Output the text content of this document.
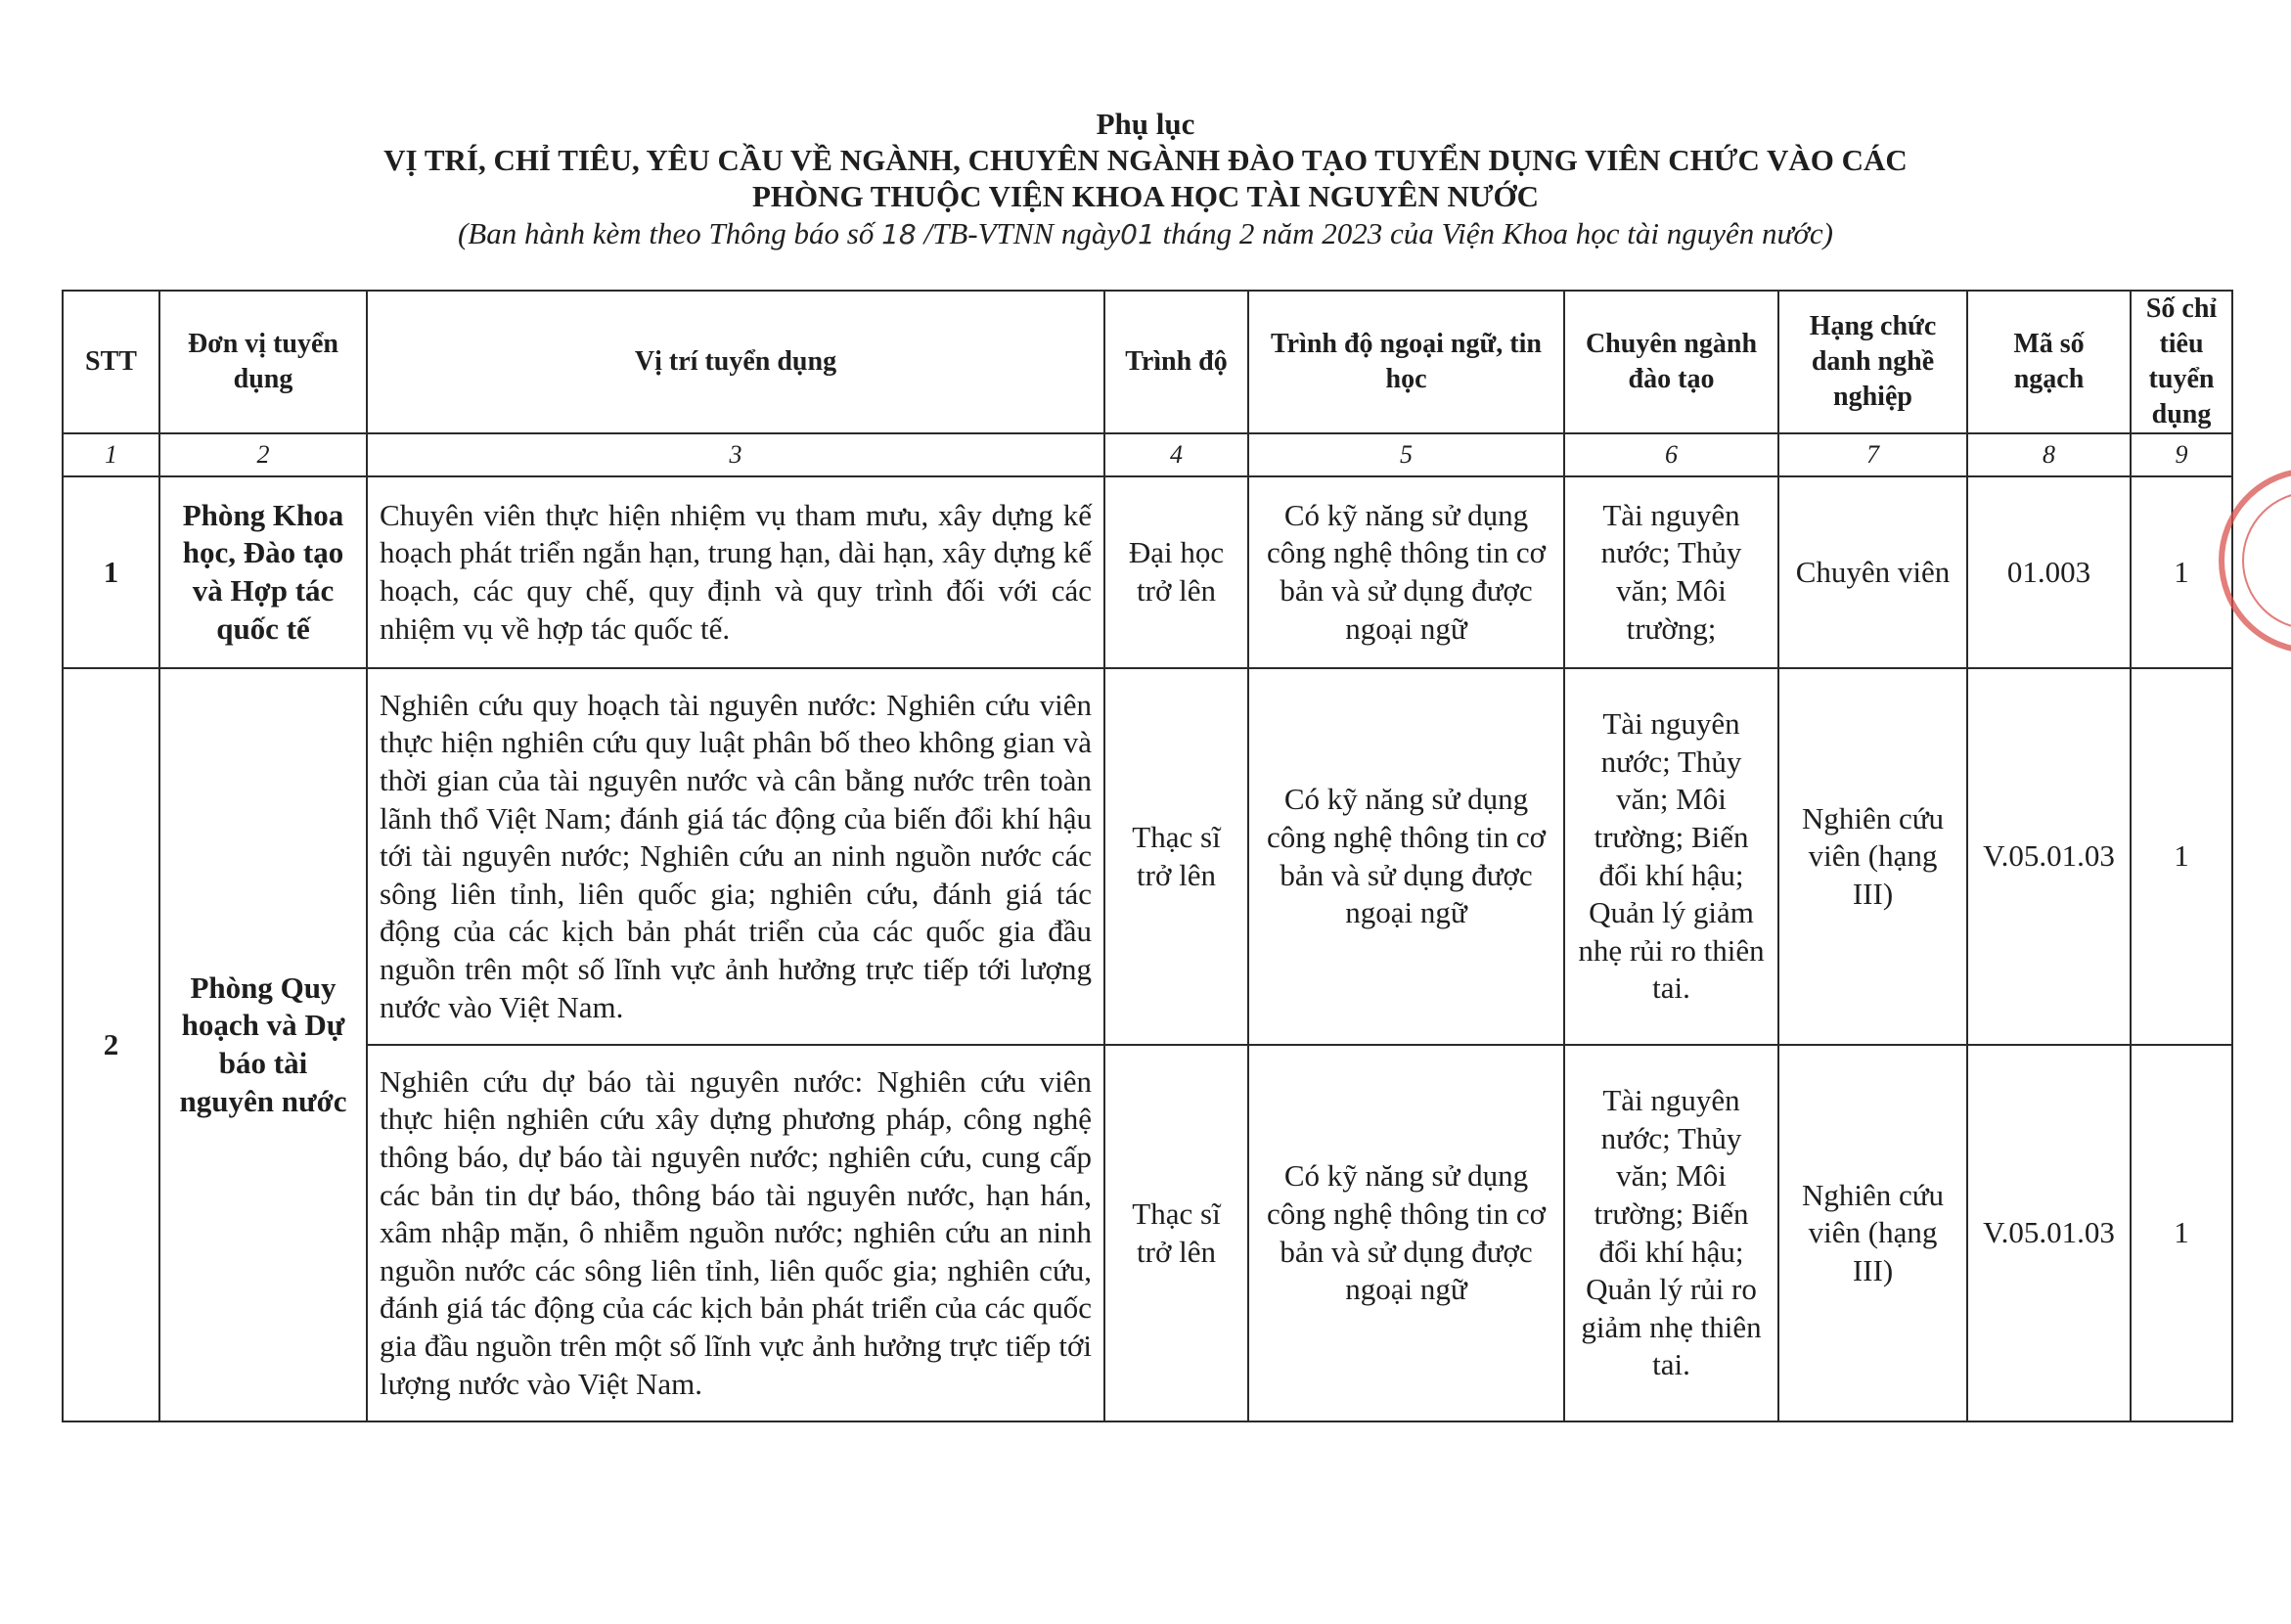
Phụ lục
VỊ TRÍ, CHỈ TIÊU, YÊU CẦU VỀ NGÀNH, CHUYÊN NGÀNH ĐÀO TẠO TUYỂN DỤNG VIÊN CHỨC VÀO CÁC
PHÒNG THUỘC VIỆN KHOA HỌC TÀI NGUYÊN NƯỚC
(Ban hành kèm theo Thông báo số 18 /TB-VTNN ngày01 tháng 2 năm 2023 của Viện Khoa học tài nguyên nước)
STT	Đơn vị tuyển dụng	Vị trí tuyển dụng	Trình độ	Trình độ ngoại ngữ, tin học	Chuyên ngành đào tạo	Hạng chức danh nghề nghiệp	Mã số ngạch	Số chỉ tiêu tuyển dụng
1	2	3	4	5	6	7	8	9
1	Phòng Khoa học, Đào tạo và Hợp tác quốc tế	Chuyên viên thực hiện nhiệm vụ tham mưu, xây dựng kế hoạch phát triển ngắn hạn, trung hạn, dài hạn, xây dựng kế hoạch, các quy chế, quy định và quy trình đối với các nhiệm vụ về hợp tác quốc tế.	Đại học trở lên	Có kỹ năng sử dụng công nghệ thông tin cơ bản và sử dụng được ngoại ngữ	Tài nguyên nước; Thủy văn; Môi trường;	Chuyên viên	01.003	1
2	Phòng Quy hoạch và Dự báo tài nguyên nước	Nghiên cứu quy hoạch tài nguyên nước: Nghiên cứu viên thực hiện nghiên cứu quy luật phân bố theo không gian và thời gian của tài nguyên nước và cân bằng nước trên toàn lãnh thổ Việt Nam; đánh giá tác động của biến đổi khí hậu tới tài nguyên nước; Nghiên cứu an ninh nguồn nước các sông liên tỉnh, liên quốc gia; nghiên cứu, đánh giá tác động của các kịch bản phát triển của các quốc gia đầu nguồn trên một số lĩnh vực ảnh hưởng trực tiếp tới lượng nước vào Việt Nam.	Thạc sĩ trở lên	Có kỹ năng sử dụng công nghệ thông tin cơ bản và sử dụng được ngoại ngữ	Tài nguyên nước; Thủy văn; Môi trường; Biến đổi khí hậu; Quản lý giảm nhẹ rủi ro thiên tai.	Nghiên cứu viên (hạng III)	V.05.01.03	1
		Nghiên cứu dự báo tài nguyên nước: Nghiên cứu viên thực hiện nghiên cứu xây dựng phương pháp, công nghệ thông báo, dự báo tài nguyên nước; nghiên cứu, cung cấp các bản tin dự báo, thông báo tài nguyên nước, hạn hán, xâm nhập mặn, ô nhiễm nguồn nước; nghiên cứu an ninh nguồn nước các sông liên tỉnh, liên quốc gia; nghiên cứu, đánh giá tác động của các kịch bản phát triển của các quốc gia đầu nguồn trên một số lĩnh vực ảnh hưởng trực tiếp tới lượng nước vào Việt Nam.	Thạc sĩ trở lên	Có kỹ năng sử dụng công nghệ thông tin cơ bản và sử dụng được ngoại ngữ	Tài nguyên nước; Thủy văn; Môi trường; Biến đổi khí hậu; Quản lý rủi ro giảm nhẹ thiên tai.	Nghiên cứu viên (hạng III)	V.05.01.03	1
